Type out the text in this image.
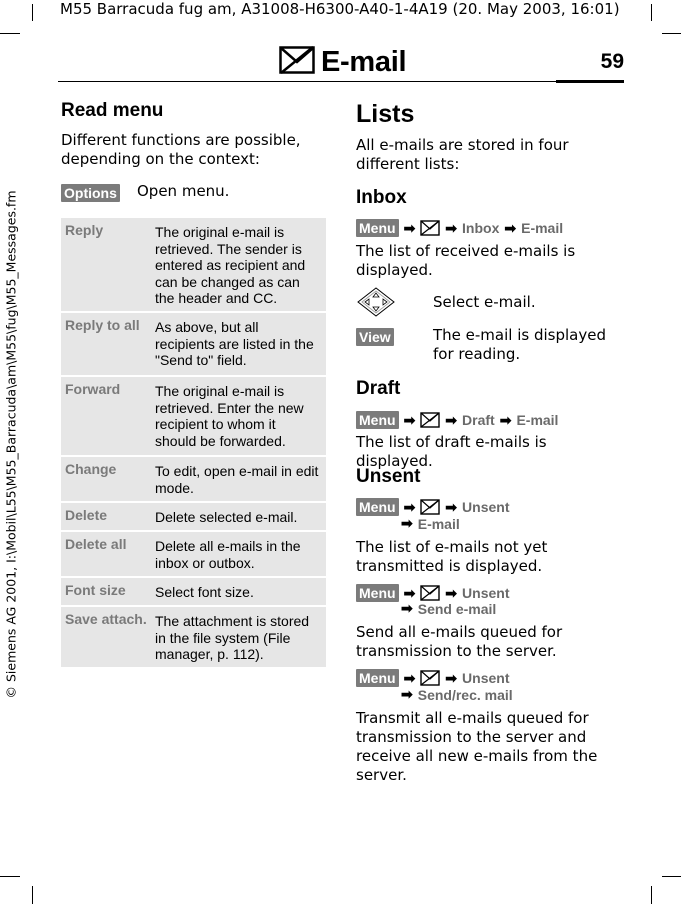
M55 Barracuda fug am, A31008-H6300-A40-1-4A19 (20. May 2003, 16:01)
© Siemens AG 2001, I:\Mobil\L55\M55_Barracuda\am\M55\fug\M55_Messages.fm
E-mail	59
Read menu
Different functions are possible, depending on the context:
Options Open menu.
Reply	The original e-mail is retrieved. The sender is entered as recipient and can be changed as can the header and CC.
Reply to all	As above, but all recipients are listed in the "Send to" field.
Forward	The original e-mail is retrieved. Enter the new recipient to whom it should be forwarded.
Change	To edit, open e-mail in edit mode.
Delete	Delete selected e-mail.
Delete all	Delete all e-mails in the inbox or outbox.
Font size	Select font size.
Save attach. The attachment is stored in the file system (File manager, p. 112).
Lists
All e-mails are stored in four different lists:
Inbox
Menu ➡ ➡ Inbox ➡ E-mail
The list of received e-mails is displayed.
Select e-mail.
View	The e-mail is displayed for reading.
Draft
Menu ➡ ➡ Draft ➡ E-mail
The list of draft e-mails is displayed.
Unsent
Menu ➡ ➡ Unsent
➡ E-mail
The list of e-mails not yet transmitted is displayed.
Menu ➡ ➡ Unsent
➡ Send e-mail
Send all e-mails queued for transmission to the server.
Menu ➡ ➡ Unsent
➡ Send/rec. mail
Transmit all e-mails queued for transmission to the server and receive all new e-mails from the server.
